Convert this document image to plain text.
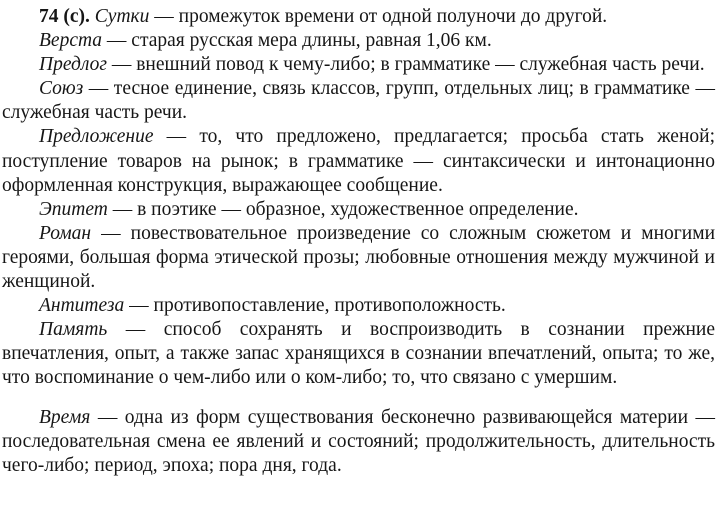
74 (с). Сутки — промежуток времени от одной полуночи до другой.

Верста — старая русская мера длины, равная 1,06 км.

Предлог — внешний повод к чему-либо; в грамматике — служебная часть речи.

Союз — тесное единение, связь классов, групп, отдельных лиц; в грамматике — служебная часть речи.

Предложение — то, что предложено, предлагается; просьба стать женой; поступление товаров на рынок; в грамматике — синтаксически и интонационно оформленная конструкция, выражающее сообщение.

Эпитет — в поэтике — образное, художественное определение.

Роман — повествовательное произведение со сложным сюжетом и многими героями, большая форма этической прозы; любовные отношения между мужчиной и женщиной.

Антитеза — противопоставление, противоположность.

Память — способ сохранять и воспроизводить в сознании прежние впечатления, опыт, а также запас хранящихся в сознании впечатлений, опыта; то же, что воспоминание о чем-либо или о ком-либо; то, что связано с умершим.

Время — одна из форм существования бесконечно развивающейся материи — последовательная смена ее явлений и состояний; продолжительность, длительность чего-либо; период, эпоха; пора дня, года.
